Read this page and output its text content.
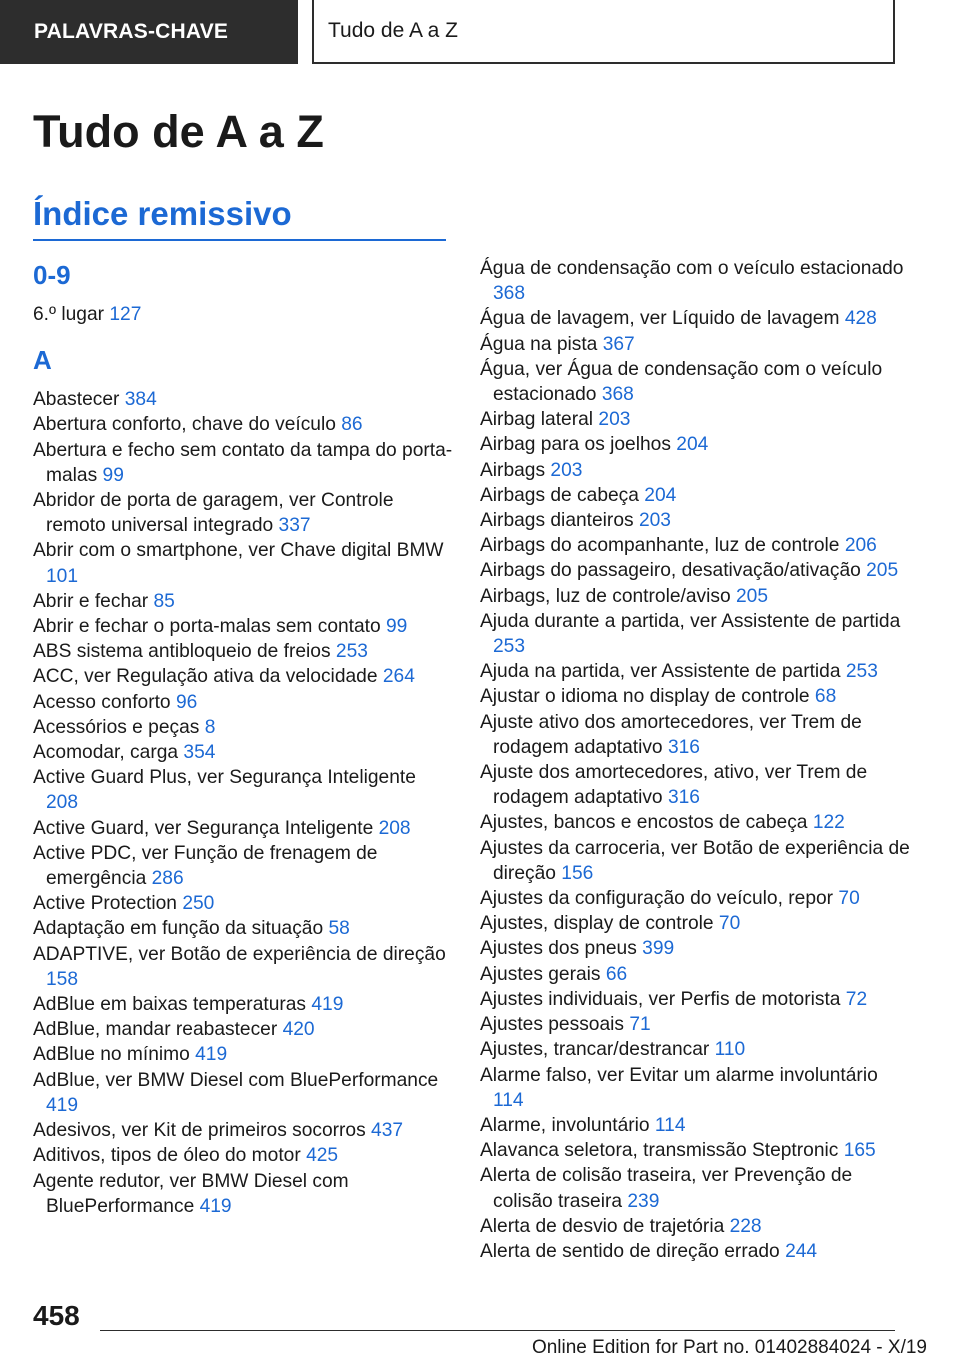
PALAVRAS-CHAVE	Tudo de A a Z
Tudo de A a Z
Índice remissivo
0-9
6.º lugar 127
A
Abastecer 384
Abertura conforto, chave do veículo 86
Abertura e fecho sem contato da tampa do porta-malas 99
Abridor de porta de garagem, ver Controle remoto universal integrado 337
Abrir com o smartphone, ver Chave digital BMW 101
Abrir e fechar 85
Abrir e fechar o porta-malas sem contato 99
ABS sistema antibloqueio de freios 253
ACC, ver Regulação ativa da velocidade 264
Acesso conforto 96
Acessórios e peças 8
Acomodar, carga 354
Active Guard Plus, ver Segurança Inteligente 208
Active Guard, ver Segurança Inteligente 208
Active PDC, ver Função de frenagem de emergência 286
Active Protection 250
Adaptação em função da situação 58
ADAPTIVE, ver Botão de experiência de direção 158
AdBlue em baixas temperaturas 419
AdBlue, mandar reabastecer 420
AdBlue no mínimo 419
AdBlue, ver BMW Diesel com BluePerformance 419
Adesivos, ver Kit de primeiros socorros 437
Aditivos, tipos de óleo do motor 425
Agente redutor, ver BMW Diesel com BluePerformance 419
Água de condensação com o veículo estacionado 368
Água de lavagem, ver Líquido de lavagem 428
Água na pista 367
Água, ver Água de condensação com o veículo estacionado 368
Airbag lateral 203
Airbag para os joelhos 204
Airbags 203
Airbags de cabeça 204
Airbags dianteiros 203
Airbags do acompanhante, luz de controle 206
Airbags do passageiro, desativação/ativação 205
Airbags, luz de controle/aviso 205
Ajuda durante a partida, ver Assistente de partida 253
Ajuda na partida, ver Assistente de partida 253
Ajustar o idioma no display de controle 68
Ajuste ativo dos amortecedores, ver Trem de rodagem adaptativo 316
Ajuste dos amortecedores, ativo, ver Trem de rodagem adaptativo 316
Ajustes, bancos e encostos de cabeça 122
Ajustes da carroceria, ver Botão de experiência de direção 156
Ajustes da configuração do veículo, repor 70
Ajustes, display de controle 70
Ajustes dos pneus 399
Ajustes gerais 66
Ajustes individuais, ver Perfis de motorista 72
Ajustes pessoais 71
Ajustes, trancar/destrancar 110
Alarme falso, ver Evitar um alarme involuntário 114
Alarme, involuntário 114
Alavanca seletora, transmissão Steptronic 165
Alerta de colisão traseira, ver Prevenção de colisão traseira 239
Alerta de desvio de trajetória 228
Alerta de sentido de direção errado 244
458
Online Edition for Part no. 01402884024 - X/19
